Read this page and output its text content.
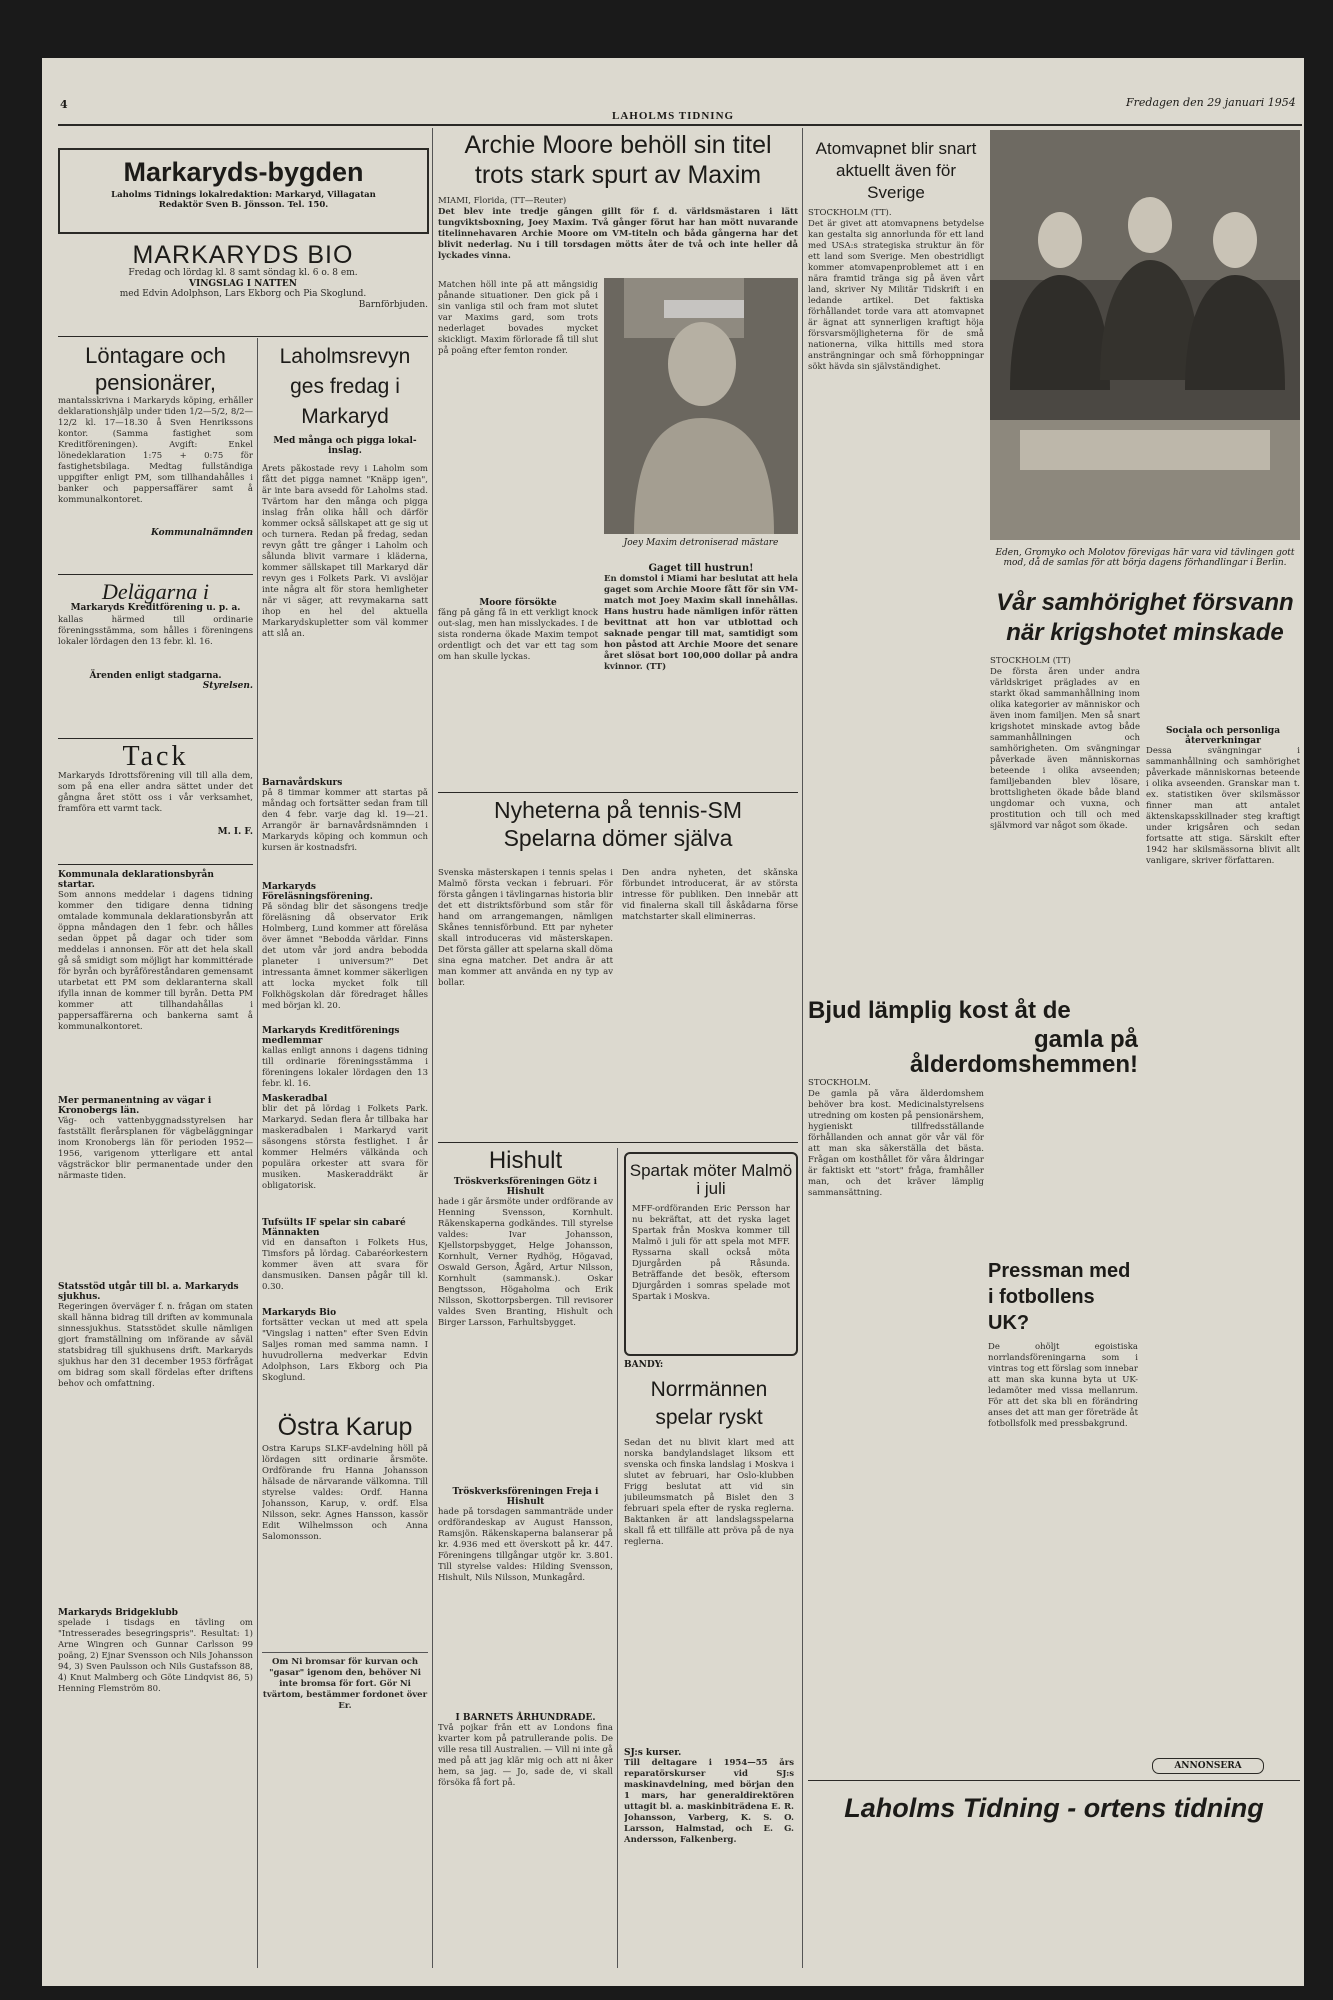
4
LAHOLMS TIDNING
Fredagen den 29 januari 1954
Markaryds-bygden
Laholms Tidnings lokalredaktion: Markaryd, Villagatan
Redaktör Sven B. Jönsson. Tel. 150.
MARKARYDS BIO
Fredag och lördag kl. 8 samt söndag kl. 6 o. 8 em.
VINGSLAG I NATTEN
med Edvin Adolphson, Lars Ekborg och Pia Skoglund.
Barnförbjuden.
Löntagare och pensionärer,
mantalsskrivna i Markaryds köping, erhåller deklarationshjälp under tiden 1/2—5/2, 8/2—12/2 kl. 17—18.30 å Sven Henrikssons kontor. (Samma fastighet som Kreditföreningen). Avgift: Enkel lönedeklaration 1:75 + 0:75 för fastighetsbilaga. Medtag fullständiga uppgifter enligt PM, som tillhandahålles i banker och pappersaffärer samt å kommunalkontoret.
Kommunalnämnden
Delägarna i
Markaryds Kreditförening u. p. a.
kallas härmed till ordinarie föreningsstämma, som hålles i föreningens lokaler lördagen den 13 febr. kl. 16.
Ärenden enligt stadgarna.
Styrelsen.
Tack
Markaryds Idrottsförening vill till alla dem, som på ena eller andra sättet under det gångna året stött oss i vår verksamhet, framföra ett varmt tack.
M. I. F.
Kommunala deklarationsbyrån startar.
Som annons meddelar i dagens tidning kommer den tidigare denna tidning omtalade kommunala deklarationsbyrån att öppna måndagen den 1 febr. och hålles sedan öppet på dagar och tider som meddelas i annonsen. För att det hela skall gå så smidigt som möjligt har kommittérade för byrån och byråföreståndaren gemensamt utarbetat ett PM som deklaranterna skall ifylla innan de kommer till byrån. Detta PM kommer att tillhandahållas i pappersaffärerna och bankerna samt å kommunalkontoret.
Mer permanentning av vägar i Kronobergs län.
Väg- och vattenbyggnadsstyrelsen har fastställt flerårsplanen för vägbeläggningar inom Kronobergs län för perioden 1952—1956, varigenom ytterligare ett antal vägsträckor blir permanentade under den närmaste tiden.
Statsstöd utgår till bl. a. Markaryds sjukhus.
Regeringen överväger f. n. frågan om staten skall hänna bidrag till driften av kommunala sinnessjukhus. Statsstödet skulle nämligen gjort framställning om införande av såväl statsbidrag till sjukhusens drift. Markaryds sjukhus har den 31 december 1953 förfrågat om bidrag som skall fördelas efter driftens behov och omfattning.
Markaryds Bridgeklubb
spelade i tisdags en tävling om "Intresserades besegringspris". Resultat: 1) Arne Wingren och Gunnar Carlsson 99 poäng, 2) Ejnar Svensson och Nils Johansson 94, 3) Sven Paulsson och Nils Gustafsson 88, 4) Knut Malmberg och Göte Lindqvist 86, 5) Henning Flemström 80.
Laholmsrevyn ges fredag i Markaryd
Med många och pigga lokal-inslag.
Årets påkostade revy i Laholm som fått det pigga namnet "Knäpp igen", är inte bara avsedd för Laholms stad. Tvärtom har den många och pigga inslag från olika håll och därför kommer också sällskapet att ge sig ut och turnera. Redan på fredag, sedan revyn gått tre gånger i Laholm och sålunda blivit varmare i kläderna, kommer sällskapet till Markaryd där revyn ges i Folkets Park. Vi avslöjar inte några alt för stora hemligheter när vi säger, att revymakarna satt ihop en hel del aktuella Markarydskupletter som väl kommer att slå an.
Barnavårdskurs
på 8 timmar kommer att startas på måndag och fortsätter sedan fram till den 4 febr. varje dag kl. 19—21. Arrangör är barnavårdsnämnden i Markaryds köping och kommun och kursen är kostnadsfri.
Markaryds Föreläsningsförening.
På söndag blir det säsongens tredje föreläsning då observator Erik Holmberg, Lund kommer att föreläsa över ämnet "Bebodda världar. Finns det utom vår jord andra bebodda planeter i universum?" Det intressanta ämnet kommer säkerligen att locka mycket folk till Folkhögskolan där föredraget hålles med början kl. 20.
Markaryds Kreditförenings medlemmar
kallas enligt annons i dagens tidning till ordinarie föreningsstämma i föreningens lokaler lördagen den 13 febr. kl. 16.
Maskeradbal
blir det på lördag i Folkets Park. Markaryd. Sedan flera år tillbaka har maskeradbalen i Markaryd varit säsongens största festlighet. I år kommer Helmérs välkända och populära orkester att svara för musiken. Maskeraddräkt är obligatorisk.
Tufsülts IF spelar sin cabaré Männakten
vid en dansafton i Folkets Hus, Timsfors på lördag. Cabaréorkestern kommer även att svara för dansmusiken. Dansen pågår till kl. 0.30.
Markaryds Bio
fortsätter veckan ut med att spela "Vingslag i natten" efter Sven Edvin Saljes roman med samma namn. I huvudrollerna medverkar Edvin Adolphson, Lars Ekborg och Pia Skoglund.
Östra Karup
Östra Karups SLKF-avdelning höll på lördagen sitt ordinarie årsmöte. Ordförande fru Hanna Johansson hälsade de närvarande välkomna. Till styrelse valdes: Ordf. Hanna Johansson, Karup, v. ordf. Elsa Nilsson, sekr. Agnes Hansson, kassör Edit Wilhelmsson och Anna Salomonsson.
Om Ni bromsar för kurvan och "gasar" igenom den, behöver Ni inte bromsa för fort. Gör Ni tvärtom, bestämmer fordonet över Er.
Archie Moore behöll sin titel trots stark spurt av Maxim
MIAMI, Florida, (TT—Reuter)
Det blev inte tredje gången gillt för f. d. världsmästaren i lätt tungviktsboxning, Joey Maxim. Två gånger förut har han mött nuvarande titelinnehavaren Archie Moore om VM-titeln och båda gångerna har det blivit nederlag. Nu i till torsdagen mötts åter de två och inte heller då lyckades vinna.
Matchen höll inte på att mångsidig pånande situationer. Den gick på i sin vanliga stil och fram mot slutet var Maxims gard, som trots nederlaget bovades mycket skickligt. Maxim förlorade få till slut på poäng efter femton ronder.
Joey Maxim detroniserad mästare
Moore försökte
fång på gång få in ett verkligt knock out-slag, men han misslyckades. I de sista ronderna ökade Maxim tempot ordentligt och det var ett tag som om han skulle lyckas.
Gaget till hustrun!
En domstol i Miami har beslutat att hela gaget som Archie Moore fått för sin VM-match mot Joey Maxim skall innehållas. Hans hustru hade nämligen inför rätten bevittnat att hon var utblottad och saknade pengar till mat, samtidigt som hon påstod att Archie Moore det senare året slösat bort 100,000 dollar på andra kvinnor. (TT)
Nyheterna på tennis-SM
Spelarna dömer själva
Svenska mästerskapen i tennis spelas i Malmö första veckan i februari. För första gången i tävlingarnas historia blir det ett distriktsförbund som står för hand om arrangemangen, nämligen Skånes tennisförbund. Ett par nyheter skall introduceras vid mästerskapen. Det första gäller att spelarna skall döma sina egna matcher. Det andra är att man kommer att använda en ny typ av bollar.
Den andra nyheten, det skånska förbundet introducerat, är av största intresse för publiken. Den innebär att vid finalerna skall till åskådarna förse matchstarter skall eliminerras.
Hishult
Tröskverksföreningen Götz i Hishult
hade i går årsmöte under ordförande av Henning Svensson, Kornhult. Räkenskaperna godkändes. Till styrelse valdes: Ivar Johansson, Kjellstorpsbygget, Helge Johansson, Kornhult, Verner Rydhög, Högavad, Oswald Gerson, Ågård, Artur Nilsson, Kornhult (sammansk.). Oskar Bengtsson, Högaholma och Erik Nilsson, Skottorpsbergen. Till revisorer valdes Sven Branting, Hishult och Birger Larsson, Farhultsbygget.
Tröskverksföreningen Freja i Hishult
hade på torsdagen sammanträde under ordförandeskap av August Hansson, Ramsjön. Räkenskaperna balanserar på kr. 4.936 med ett överskott på kr. 447. Föreningens tillgångar utgör kr. 3.801. Till styrelse valdes: Hilding Svensson, Hishult, Nils Nilsson, Munkagård.
I BARNETS ÅRHUNDRADE.
Två pojkar från ett av Londons fina kvarter kom på patrullerande polis. De ville resa till Australien. — Vill ni inte gå med på att jag klär mig och att ni åker hem, sa jag. — Jo, sade de, vi skall försöka få fort på.
Spartak möter Malmö i juli
MFF-ordföranden Eric Persson har nu bekräftat, att det ryska laget Spartak från Moskva kommer till Malmö i juli för att spela mot MFF. Ryssarna skall också möta Djurgården på Råsunda. Beträffande det besök, eftersom Djurgården i somras spelade mot Spartak i Moskva.
BANDY:
Norrmännen spelar ryskt
Sedan det nu blivit klart med att norska bandylandslaget liksom ett svenska och finska landslag i Moskva i slutet av februari, har Oslo-klubben Frigg beslutat att vid sin jubileumsmatch på Bislet den 3 februari spela efter de ryska reglerna. Baktanken är att landslagsspelarna skall få ett tillfälle att pröva på de nya reglerna.
SJ:s kurser.
Till deltagare i 1954—55 års reparatörskurser vid SJ:s maskinavdelning, med början den 1 mars, har generaldirektören uttagit bl. a. maskinbiträdena E. R. Johansson, Varberg, K. S. O. Larsson, Halmstad, och E. G. Andersson, Falkenberg.
Atomvapnet blir snart aktuellt även för Sverige
STOCKHOLM (TT).
Det är givet att atomvapnens betydelse kan gestalta sig annorlunda för ett land med USA:s strategiska struktur än för ett land som Sverige. Men obestridligt kommer atomvapenproblemet att i en nära framtid tränga sig på även vårt land, skriver Ny Militär Tidskrift i en ledande artikel. Det faktiska förhållandet torde vara att atomvapnet är ägnat att synnerligen kraftigt höja försvarsmöjligheterna för de små nationerna, vilka hittills med stora ansträngningar och små förhoppningar sökt hävda sin självständighet.
Eden, Gromyko och Molotov förevigas här vara vid tävlingen gott mod, då de samlas för att börja dagens förhandlingar i Berlin.
Vår samhörighet försvann
när krigshotet minskade
STOCKHOLM (TT)
De första åren under andra världskriget präglades av en starkt ökad sammanhållning inom olika kategorier av människor och även inom familjen. Men så snart krigshotet minskade avtog både sammanhållningen och samhörigheten. Om svängningar påverkade även människornas beteende i olika avseenden; familjebanden blev lösare, brottsligheten ökade både bland ungdomar och vuxna, och prostitution och till och med självmord var något som ökade.
Sociala och personliga återverkningar
Dessa svängningar i sammanhållning och samhörighet påverkade människornas beteende i olika avseenden. Granskar man t. ex. statistiken över skilsmässor finner man att antalet äktenskapsskillnader steg kraftigt under krigsåren och sedan fortsatte att stiga. Särskilt efter 1942 har skilsmässorna blivit allt vanligare, skriver författaren.
Bjud lämplig kost åt de
gamla på ålderdomshemmen!
STOCKHOLM.
De gamla på våra ålderdomshem behöver bra kost. Medicinalstyrelsens utredning om kosten på pensionärshem, hygieniskt tillfredsställande förhållanden och annat gör vår väl för att man ska säkerställa det bästa. Frågan om kosthållet för våra åldringar är faktiskt ett "stort" fråga, framhåller man, och det kräver lämplig sammansättning.
Pressman med i fotbollens UK?
De ohöljt egoistiska norrlandsföreningarna som i vintras tog ett förslag som innebar att man ska kunna byta ut UK-ledamöter med vissa mellanrum. För att det ska bli en förändring anses det att man ger företräde åt fotbollsfolk med pressbakgrund.
ANNONSERA
Laholms Tidning - ortens tidning
